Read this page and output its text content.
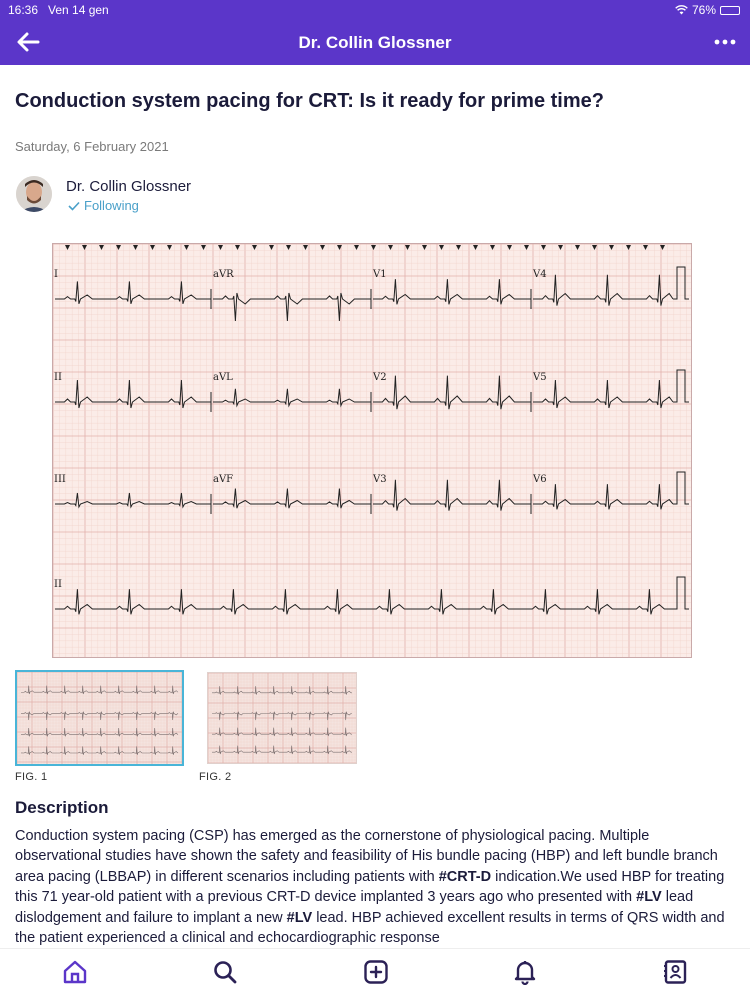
16:36 Ven 14 gen	76%
Dr. Collin Glossner
Conduction system pacing for CRT: Is it ready for prime time?
Saturday, 6 February 2021
Dr. Collin Glossner
Following
I	aVR	V1	V4
II	aVL	V2	V5
III	aVF	V3	V6
II
FIG. 1	FIG. 2
Description
Conduction system pacing (CSP) has emerged as the cornerstone of physiological pacing. Multiple observational studies have shown the safety and feasibility of His bundle pacing (HBP) and left bundle branch area pacing (LBBAP) in different scenarios including patients with #CRT-D indication.We used HBP for treating this 71 year-old patient with a previous CRT-D device implanted 3 years ago who presented with #LV lead dislodgement and failure to implant a new #LV lead. HBP achieved excellent results in terms of QRS width and the patient experienced a clinical and echocardiographic response
